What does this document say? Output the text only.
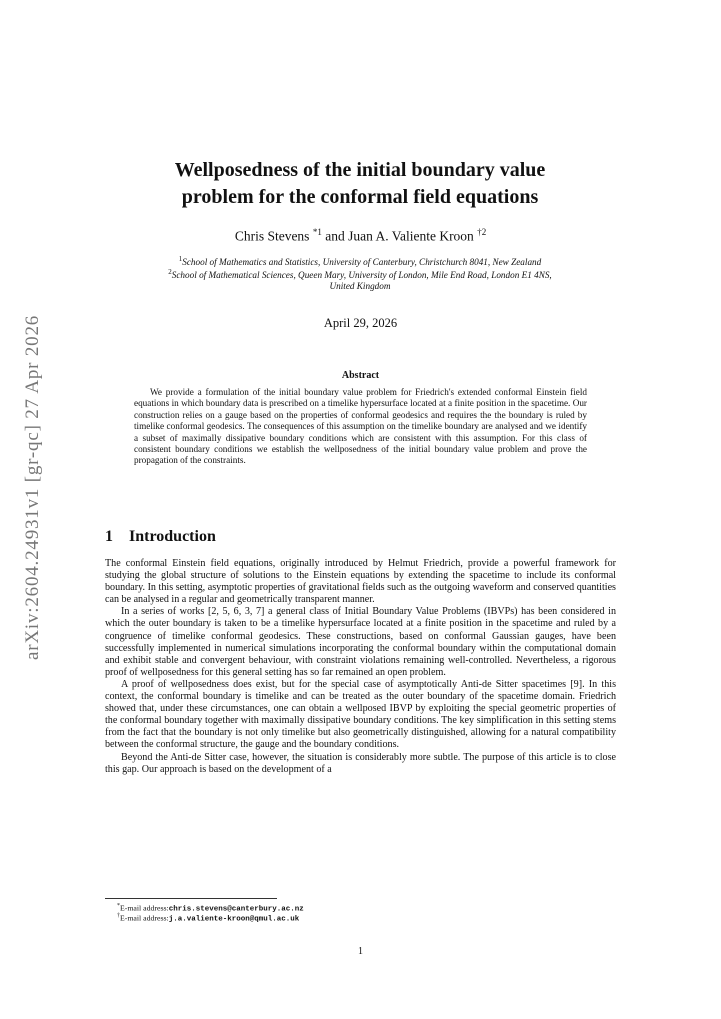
arXiv:2604.24931v1 [gr-qc] 27 Apr 2026
Wellposedness of the initial boundary value
problem for the conformal field equations
Chris Stevens $^{*1}$ and Juan A. Valiente Kroon $^{\dagger 2}$
$^1$School of Mathematics and Statistics, University of Canterbury, Christchurch 8041, New Zealand
$^2$School of Mathematical Sciences, Queen Mary, University of London, Mile End Road, London E1 4NS,
United Kingdom
April 29, 2026
Abstract

We provide a formulation of the initial boundary value problem for Friedrich's extended conformal Einstein field equations in which boundary data is prescribed on a timelike hypersurface located at a finite position in the spacetime. Our construction relies on a gauge based on the properties of conformal geodesics and requires the the boundary is ruled by timelike conformal geodesics. The consequences of this assumption on the timelike boundary are analysed and we identify a subset of maximally dissipative boundary conditions which are consistent with this assumption. For this class of consistent boundary conditions we establish the wellposedness of the initial boundary value problem and prove the propagation of the constraints.

1 Introduction

The conformal Einstein field equations, originally introduced by Helmut Friedrich, provide a powerful framework for studying the global structure of solutions to the Einstein equations by extending the spacetime to include its conformal boundary. In this setting, asymptotic properties of gravitational fields such as the outgoing waveform and conserved quantities can be analysed in a regular and geometrically transparent manner.

In a series of works [2, 5, 6, 3, 7] a general class of Initial Boundary Value Problems (IBVPs) has been considered in which the outer boundary is taken to be a timelike hypersurface located at a finite position in the spacetime and ruled by a congruence of timelike conformal geodesics. These constructions, based on conformal Gaussian gauges, have been successfully implemented in numerical simulations incorporating the conformal boundary within the computational domain and exhibit stable and convergent behaviour, with constraint violations remaining well-controlled. Nevertheless, a rigorous proof of wellposedness for this general setting has so far remained an open problem.

A proof of wellposedness does exist, but for the special case of asymptotically Anti-de Sitter spacetimes [9]. In this context, the conformal boundary is timelike and can be treated as the outer boundary of the spacetime domain. Friedrich showed that, under these circumstances, one can obtain a wellposed IBVP by exploiting the special geometric properties of the conformal boundary together with maximally dissipative boundary conditions. The key simplification in this setting stems from the fact that the boundary is not only timelike but also geometrically distinguished, allowing for a natural compatibility between the conformal structure, the gauge and the boundary conditions.

Beyond the Anti-de Sitter case, however, the situation is considerably more subtle. The purpose of this article is to close this gap. Our approach is based on the development of a

*E-mail address:chris.stevens@canterbury.ac.nz
†E-mail address:j.a.valiente-kroon@qmul.ac.uk
1
